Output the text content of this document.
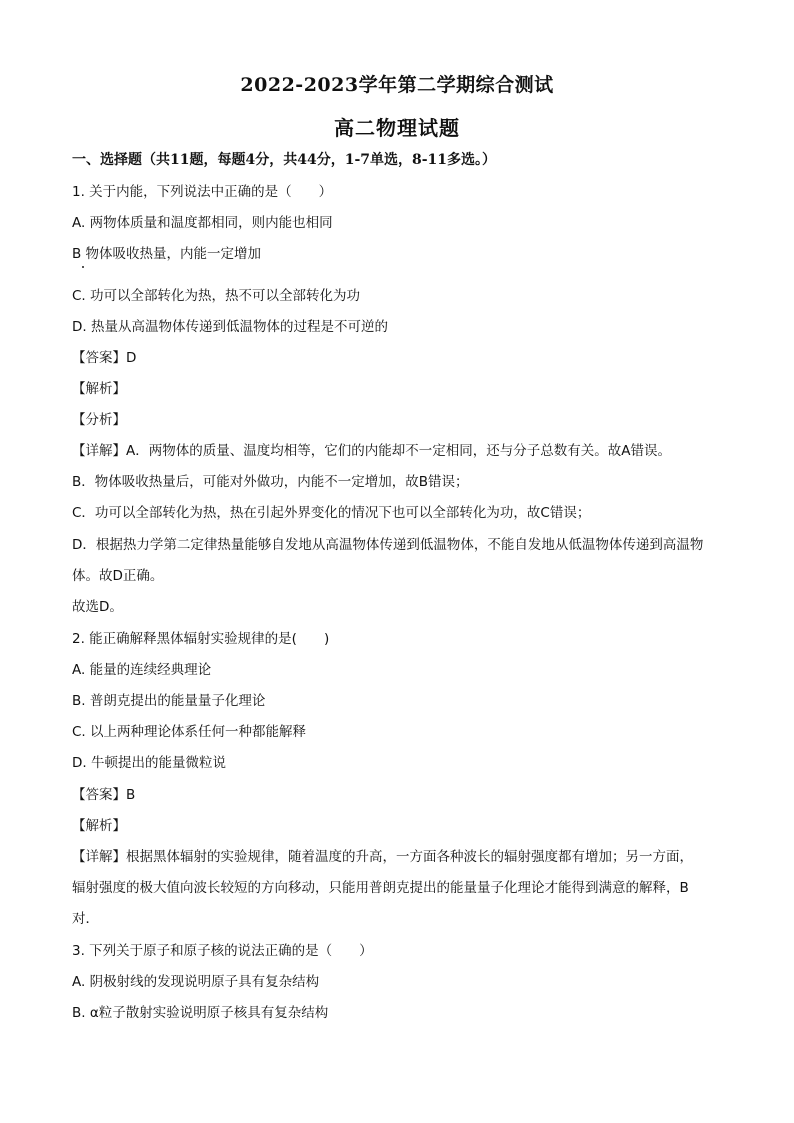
2022-2023学年第二学期综合测试
高二物理试题
一、选择题（共11题，每题4分，共44分，1-7单选，8-11多选。）
1. 关于内能，下列说法中正确的是（　　）
A. 两物体质量和温度都相同，则内能也相同
B 物体吸收热量，内能一定增加
C. 功可以全部转化为热，热不可以全部转化为功
D. 热量从高温物体传递到低温物体的过程是不可逆的
【答案】D
【解析】
【分析】
【详解】A．两物体的质量、温度均相等，它们的内能却不一定相同，还与分子总数有关。故A错误。
B．物体吸收热量后，可能对外做功，内能不一定增加，故B错误；
C．功可以全部转化为热，热在引起外界变化的情况下也可以全部转化为功，故C错误；
D．根据热力学第二定律热量能够自发地从高温物体传递到低温物体，不能自发地从低温物体传递到高温物
体。故D正确。
故选D。
2. 能正确解释黑体辐射实验规律的是(　　)
A. 能量的连续经典理论
B. 普朗克提出的能量量子化理论
C. 以上两种理论体系任何一种都能解释
D. 牛顿提出的能量微粒说
【答案】B
【解析】
【详解】根据黑体辐射的实验规律，随着温度的升高，一方面各种波长的辐射强度都有增加；另一方面，
辐射强度的极大值向波长较短的方向移动，只能用普朗克提出的能量量子化理论才能得到满意的解释，B
对．
3. 下列关于原子和原子核的说法正确的是（　　）
A. 阴极射线的发现说明原子具有复杂结构
B. α粒子散射实验说明原子核具有复杂结构
